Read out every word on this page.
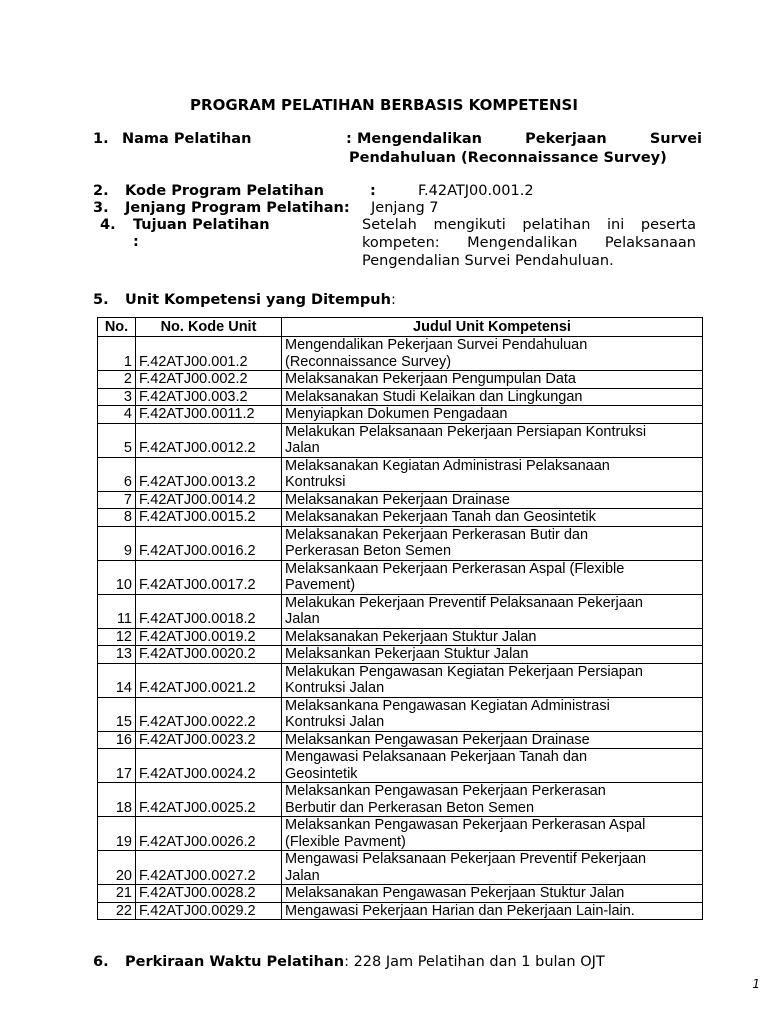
PROGRAM PELATIHAN BERBASIS KOMPETENSI
1. Nama Pelatihan	: Mengendalikan Pekerjaan Survei
Pendahuluan (Reconnaissance Survey)
2. Kode Program Pelatihan	:	F.42ATJ00.001.2
3. Jenjang Program Pelatihan: Jenjang 7
4. Tujuan Pelatihan
:
Setelah mengikuti pelatihan ini peserta
kompeten: Mengendalikan Pelaksanaan
Pengendalian Survei Pendahuluan.
5. Unit Kompetensi yang Ditempuh:
No.	No. Kode Unit	Judul Unit Kompetensi
1	F.42ATJ00.001.2	Mengendalikan Pekerjaan Survei Pendahuluan
(Reconnaissance Survey)

2	F.42ATJ00.002.2	Melaksanakan Pekerjaan Pengumpulan Data

3	F.42ATJ00.003.2	Melaksanakan Studi Kelaikan dan Lingkungan

4	F.42ATJ00.0011.2	Menyiapkan Dokumen Pengadaan

5	F.42ATJ00.0012.2	Melakukan Pelaksanaan Pekerjaan Persiapan Kontruksi
Jalan

6	F.42ATJ00.0013.2	Melaksanakan Kegiatan Administrasi Pelaksanaan
Kontruksi

7	F.42ATJ00.0014.2	Melaksanakan Pekerjaan Drainase

8	F.42ATJ00.0015.2	Melaksanakan Pekerjaan Tanah dan Geosintetik

9	F.42ATJ00.0016.2	Melaksanakan Pekerjaan Perkerasan Butir dan
Perkerasan Beton Semen

10	F.42ATJ00.0017.2	Melaksankaan Pekerjaan Perkerasan Aspal (Flexible
Pavement)

11	F.42ATJ00.0018.2	Melakukan Pekerjaan Preventif Pelaksanaan Pekerjaan
Jalan

12	F.42ATJ00.0019.2	Melaksanakan Pekerjaan Stuktur Jalan

13	F.42ATJ00.0020.2	Melaksankan Pekerjaan Stuktur Jalan

14	F.42ATJ00.0021.2	Melakukan Pengawasan Kegiatan Pekerjaan Persiapan
Kontruksi Jalan

15	F.42ATJ00.0022.2	Melaksankana Pengawasan Kegiatan Administrasi
Kontruksi Jalan

16	F.42ATJ00.0023.2	Melaksankan Pengawasan Pekerjaan Drainase

17	F.42ATJ00.0024.2	Mengawasi Pelaksanaan Pekerjaan Tanah dan
Geosintetik

18	F.42ATJ00.0025.2	Melaksankan Pengawasan Pekerjaan Perkerasan
Berbutir dan Perkerasan Beton Semen

19	F.42ATJ00.0026.2	Melaksankan Pengawasan Pekerjaan Perkerasan Aspal
(Flexible Pavment)

20	F.42ATJ00.0027.2	Mengawasi Pelaksanaan Pekerjaan Preventif Pekerjaan
Jalan

21	F.42ATJ00.0028.2	Melaksanakan Pengawasan Pekerjaan Stuktur Jalan

22	F.42ATJ00.0029.2	Mengawasi Pekerjaan Harian dan Pekerjaan Lain-lain.
6. Perkiraan Waktu Pelatihan: 228 Jam Pelatihan dan 1 bulan OJT
1
